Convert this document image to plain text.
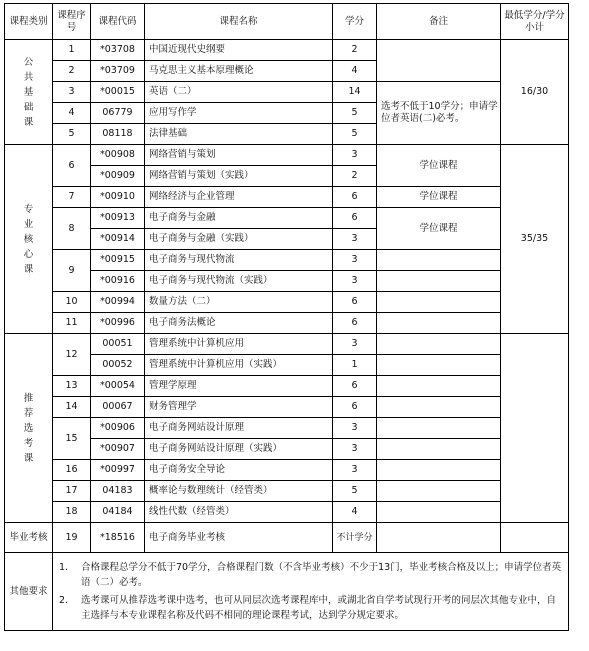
课程类别	课程序号	课程代码	课程名称	学分	备注	最低学分/学分小计
公共基础课	1	*03708	中国近现代史纲要	2		16/30
	2	*03709	马克思主义基本原理概论	4		
	3	*00015	英语（二）	14	选考不低于10学分；申请学位者英语(二)必考。	
	4	06779	应用写作学	5		
	5	08118	法律基础	5		
专业核心课	6	*00908	网络营销与策划	3	学位课程	35/35
		*00909	网络营销与策划（实践）	2		
	7	*00910	网络经济与企业管理	6	学位课程	
	8	*00913	电子商务与金融	6	学位课程	
		*00914	电子商务与金融（实践）	3		
	9	*00915	电子商务与现代物流	3		
		*00916	电子商务与现代物流（实践）	3		
	10	*00994	数量方法（二）	6		
	11	*00996	电子商务法概论	6		
推荐选考课	12	00051	管理系统中计算机应用	3		
		00052	管理系统中计算机应用（实践）	1		
	13	*00054	管理学原理	6		
	14	00067	财务管理学	6		
	15	*00906	电子商务网站设计原理	3		
		*00907	电子商务网站设计原理（实践）	3		
	16	*00997	电子商务安全导论	3		
	17	04183	概率论与数理统计（经管类）	5		
	18	04184	线性代数（经管类）	4		
毕业考核	19	*18516	电子商务毕业考核	不计学分		
其他要求	1. 合格课程总学分不低于70学分，合格课程门数（不含毕业考核）不少于13门，毕业考核合格及以上；申请学位者英语（二）必考。
2. 选考课可从推荐选考课中选考，也可从同层次选考课程库中，或湖北省自学考试现行开考的同层次其他专业中，自主选择与本专业课程名称及代码不相同的理论课程考试，达到学分规定要求。					
